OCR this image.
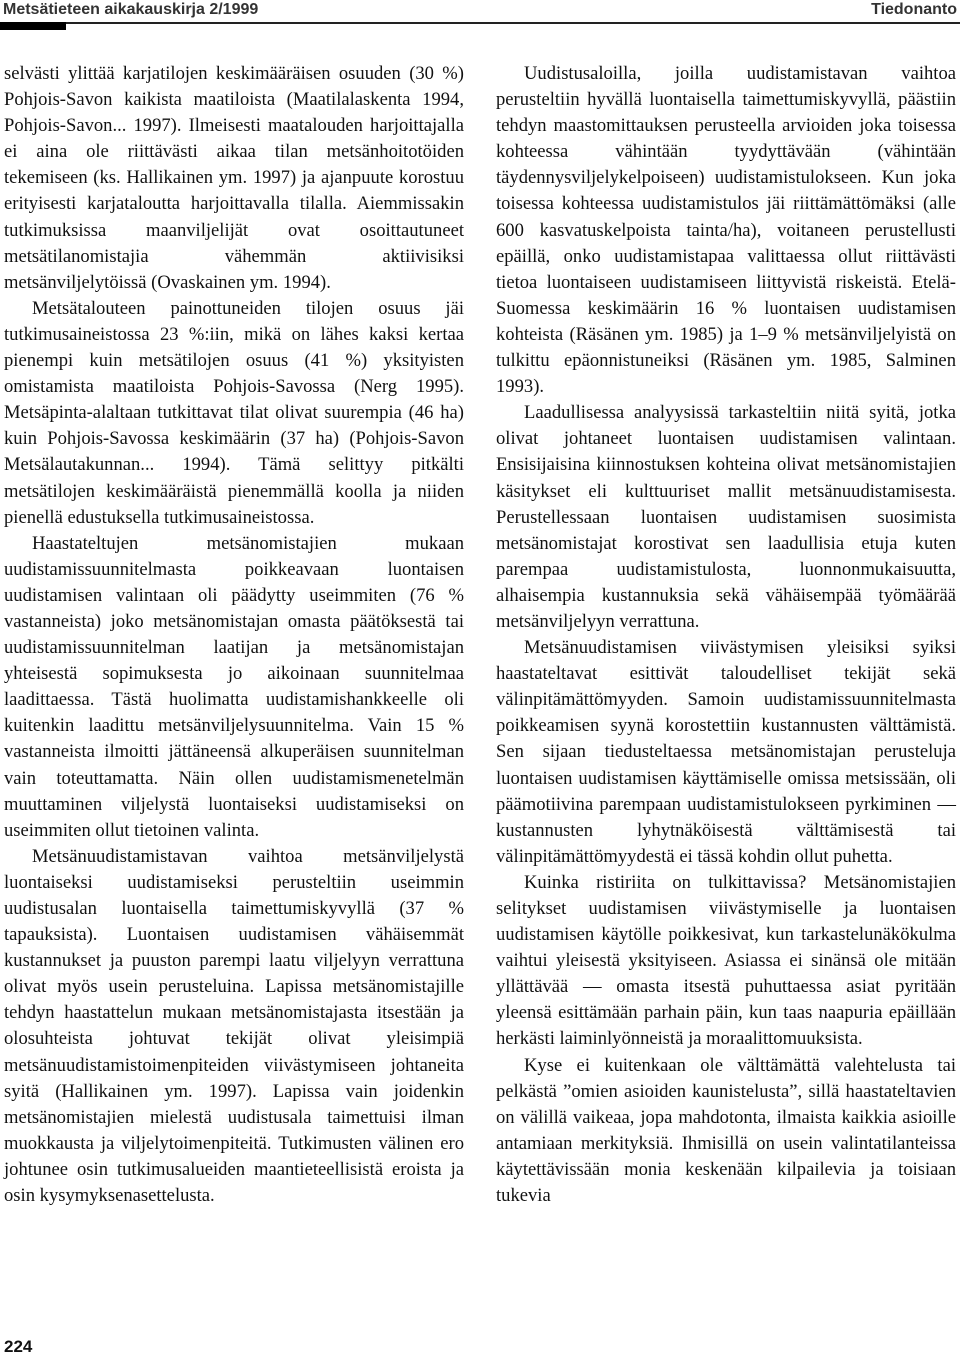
Metsätieteen aikakauskirja 2/1999	Tiedonanto

selvästi ylittää karjatilojen keskimääräisen osuuden (30 %) Pohjois-Savon kaikista maatiloista (Maatilalaskenta 1994, Pohjois-Savon... 1997). Ilmeisesti maatalouden harjoittajalla ei aina ole riittävästi aikaa tilan metsänhoitotöiden tekemiseen (ks. Hallikainen ym. 1997) ja ajanpuute korostuu erityisesti karjataloutta harjoittavalla tilalla. Aiemmissakin tutkimuksissa maanviljelijät ovat osoittautuneet metsätilanomistajia vähemmän aktiivisiksi metsänviljelytöissä (Ovaskainen ym. 1994).

Metsätalouteen painottuneiden tilojen osuus jäi tutkimusaineistossa 23 %:iin, mikä on lähes kaksi kertaa pienempi kuin metsätilojen osuus (41 %) yksityisten omistamista maatiloista Pohjois-Savossa (Nerg 1995). Metsäpinta-alaltaan tutkittavat tilat olivat suurempia (46 ha) kuin Pohjois-Savossa keskimäärin (37 ha) (Pohjois-Savon Metsälautakunnan... 1994). Tämä selittyy pitkälti metsätilojen keskimääräistä pienemmällä koolla ja niiden pienellä edustuksella tutkimusaineistossa.

Haastateltujen metsänomistajien mukaan uudistamissuunnitelmasta poikkeavaan luontaisen uudistamisen valintaan oli päädytty useimmiten (76 % vastanneista) joko metsänomistajan omasta päätöksestä tai uudistamissuunnitelman laatijan ja metsänomistajan yhteisestä sopimuksesta jo aikoinaan suunnitelmaa laadittaessa. Tästä huolimatta uudistamishankkeelle oli kuitenkin laadittu metsänviljelysuunnitelma. Vain 15 % vastanneista ilmoitti jättäneensä alkuperäisen suunnitelman vain toteuttamatta. Näin ollen uudistamismenetelmän muuttaminen viljelystä luontaiseksi uudistamiseksi on useimmiten ollut tietoinen valinta.

Metsänuudistamistavan vaihtoa metsänviljelystä luontaiseksi uudistamiseksi perusteltiin useimmin uudistusalan luontaisella taimettumiskyvyllä (37 % tapauksista). Luontaisen uudistamisen vähäisemmät kustannukset ja puuston parempi laatu viljelyyn verrattuna olivat myös usein perusteluina. Lapissa metsänomistajille tehdyn haastattelun mukaan metsänomistajasta itsestään ja olosuhteista johtuvat tekijät olivat yleisimpiä metsänuudistamistoimenpiteiden viivästymiseen johtaneita syitä (Hallikainen ym. 1997). Lapissa vain joidenkin metsänomistajien mielestä uudistusala taimettuisi ilman muokkausta ja viljelytoimenpiteitä. Tutkimusten välinen ero johtunee osin tutkimusalueiden maantieteellisistä eroista ja osin kysymyksenasettelusta.

Uudistusaloilla, joilla uudistamistavan vaihtoa perusteltiin hyvällä luontaisella taimettumiskyvyllä, päästiin tehdyn maastomittauksen perusteella arvioiden joka toisessa kohteessa vähintään tyydyttävään (vähintään täydennysviljelykelpoiseen) uudistamistulokseen. Kun joka toisessa kohteessa uudistamistulos jäi riittämättömäksi (alle 600 kasvatuskelpoista tainta/ha), voitaneen perustellusti epäillä, onko uudistamistapaa valittaessa ollut riittävästi tietoa luontaiseen uudistamiseen liittyvistä riskeistä. Etelä-Suomessa keskimäärin 16 % luontaisen uudistamisen kohteista (Räsänen ym. 1985) ja 1–9 % metsänviljelyistä on tulkittu epäonnistuneiksi (Räsänen ym. 1985, Salminen 1993).

Laadullisessa analyysissä tarkasteltiin niitä syitä, jotka olivat johtaneet luontaisen uudistamisen valintaan. Ensisijaisina kiinnostuksen kohteina olivat metsänomistajien käsitykset eli kulttuuriset mallit metsänuudistamisesta. Perustellessaan luontaisen uudistamisen suosimista metsänomistajat korostivat sen laadullisia etuja kuten parempaa uudistamistulosta, luonnonmukaisuutta, alhaisempia kustannuksia sekä vähäisempää työmäärää metsänviljelyyn verrattuna.

Metsänuudistamisen viivästymisen yleisiksi syiksi haastateltavat esittivät taloudelliset tekijät sekä välinpitämättömyyden. Samoin uudistamissuunnitelmasta poikkeamisen syynä korostettiin kustannusten välttämistä. Sen sijaan tiedusteltaessa metsänomistajan perusteluja luontaisen uudistamisen käyttämiselle omissa metsissään, oli päämotiivina parempaan uudistamistulokseen pyrkiminen — kustannusten lyhytnäköisestä välttämisestä tai välinpitämättömyydestä ei tässä kohdin ollut puhetta.

Kuinka ristiriita on tulkittavissa? Metsänomistajien selitykset uudistamisen viivästymiselle ja luontaisen uudistamisen käytölle poikkesivat, kun tarkastelunäkökulma vaihtui yleisestä yksityiseen. Asiassa ei sinänsä ole mitään yllättävää — omasta itsestä puhuttaessa asiat pyritään yleensä esittämään parhain päin, kun taas naapuria epäillään herkästi laiminlyönneistä ja moraalittomuuksista.

Kyse ei kuitenkaan ole välttämättä valehtelusta tai pelkästä ”omien asioiden kaunistelusta”, sillä haastateltavien on välillä vaikeaa, jopa mahdotonta, ilmaista kaikkia asioille antamiaan merkityksiä. Ihmisillä on usein valintatilanteissa käytettävissään monia keskenään kilpailevia ja toisiaan tukevia

224
